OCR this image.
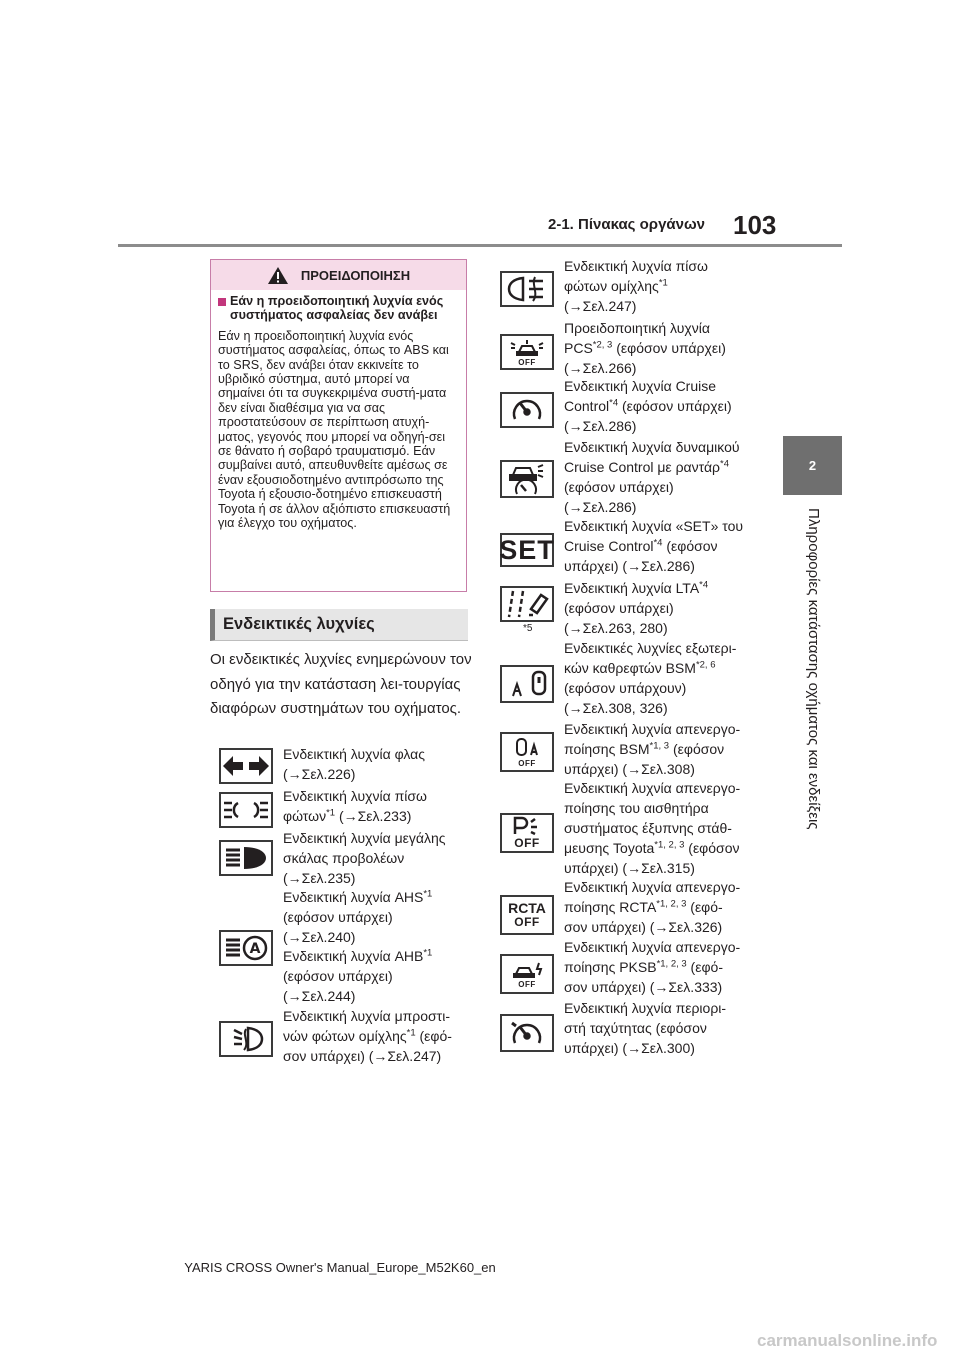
2-1. Πίνακας οργάνων 103
2
Πληροφορίες κατάστασης οχήματος και ενδείξεις
ΠΡΟΕΙΔΟΠΟΙΗΣΗ
Εάν η προειδοποιητική λυχνία ενός συστήματος ασφαλείας δεν ανάβει
Εάν η προειδοποιητική λυχνία ενός συστήματος ασφαλείας, όπως το ABS και το SRS, δεν ανάβει όταν εκκινείτε το υβριδικό σύστημα, αυτό μπορεί να σημαίνει ότι τα συγκεκριμένα συστή-ματα δεν είναι διαθέσιμα για να σας προστατεύσουν σε περίπτωση ατυχή-ματος, γεγονός που μπορεί να οδηγή-σει σε θάνατο ή σοβαρό τραυματισμό. Εάν συμβαίνει αυτό, απευθυνθείτε αμέσως σε έναν εξουσιοδοτημένο αντιπρόσωπο της Toyota ή εξουσιο-δοτημένο επισκευαστή Toyota ή σε άλλον αξιόπιστο επισκευαστή για έλεγχο του οχήματος.
Ενδεικτικές λυχνίες
Οι ενδεικτικές λυχνίες ενημερώνουν τον οδηγό για την κατάσταση λει-τουργίας διαφόρων συστημάτων του οχήματος.
Ενδεικτική λυχνία φλας
(→Σελ.226)
Ενδεικτική λυχνία πίσω
φώτων$^{*1}$ (→Σελ.233)
Ενδεικτική λυχνία μεγάλης
σκάλας προβολέων
(→Σελ.235)
A
Ενδεικτική λυχνία AHS$^{*1}$
(εφόσον υπάρχει)
(→Σελ.240)
Ενδεικτική λυχνία AHB$^{*1}$
(εφόσον υπάρχει)
(→Σελ.244)
Ενδεικτική λυχνία μπροστι-
νών φώτων ομίχλης$^{*1}$ (εφό-
σον υπάρχει) (→Σελ.247)
Ενδεικτική λυχνία πίσω
φώτων ομίχλης$^{*1}$
(→Σελ.247)
OFF
Προειδοποιητική λυχνία
PCS$^{*2, 3}$ (εφόσον υπάρχει)
(→Σελ.266)
Ενδεικτική λυχνία Cruise
Control$^{*4}$ (εφόσον υπάρχει)
(→Σελ.286)
Ενδεικτική λυχνία δυναμικού
Cruise Control με ραντάρ$^{*4}$
(εφόσον υπάρχει)
(→Σελ.286)
SET
Ενδεικτική λυχνία «SET» του
Cruise Control$^{*4}$ (εφόσον
υπάρχει) (→Σελ.286)
*5
Ενδεικτική λυχνία LTA$^{*4}$
(εφόσον υπάρχει)
(→Σελ.263, 280)
Ενδεικτικές λυχνίες εξωτερι-
κών καθρεφτών BSM$^{*2, 6}$
(εφόσον υπάρχουν)
(→Σελ.308, 326)
OFF
Ενδεικτική λυχνία απενεργο-
ποίησης BSM$^{*1, 3}$ (εφόσον
υπάρχει) (→Σελ.308)
OFF
Ενδεικτική λυχνία απενεργο-
ποίησης του αισθητήρα
συστήματος έξυπνης στάθ-
μευσης Toyota$^{*1, 2, 3}$ (εφόσον
υπάρχει) (→Σελ.315)
RCTA
OFF
Ενδεικτική λυχνία απενεργο-
ποίησης RCTA$^{*1, 2, 3}$ (εφό-
σον υπάρχει) (→Σελ.326)
OFF
Ενδεικτική λυχνία απενεργο-
ποίησης PKSB$^{*1, 2, 3}$ (εφό-
σον υπάρχει) (→Σελ.333)
Ενδεικτική λυχνία περιορι-
στή ταχύτητας (εφόσον
υπάρχει) (→Σελ.300)
YARIS CROSS Owner's Manual_Europe_M52K60_en
carmanualsonline.info
